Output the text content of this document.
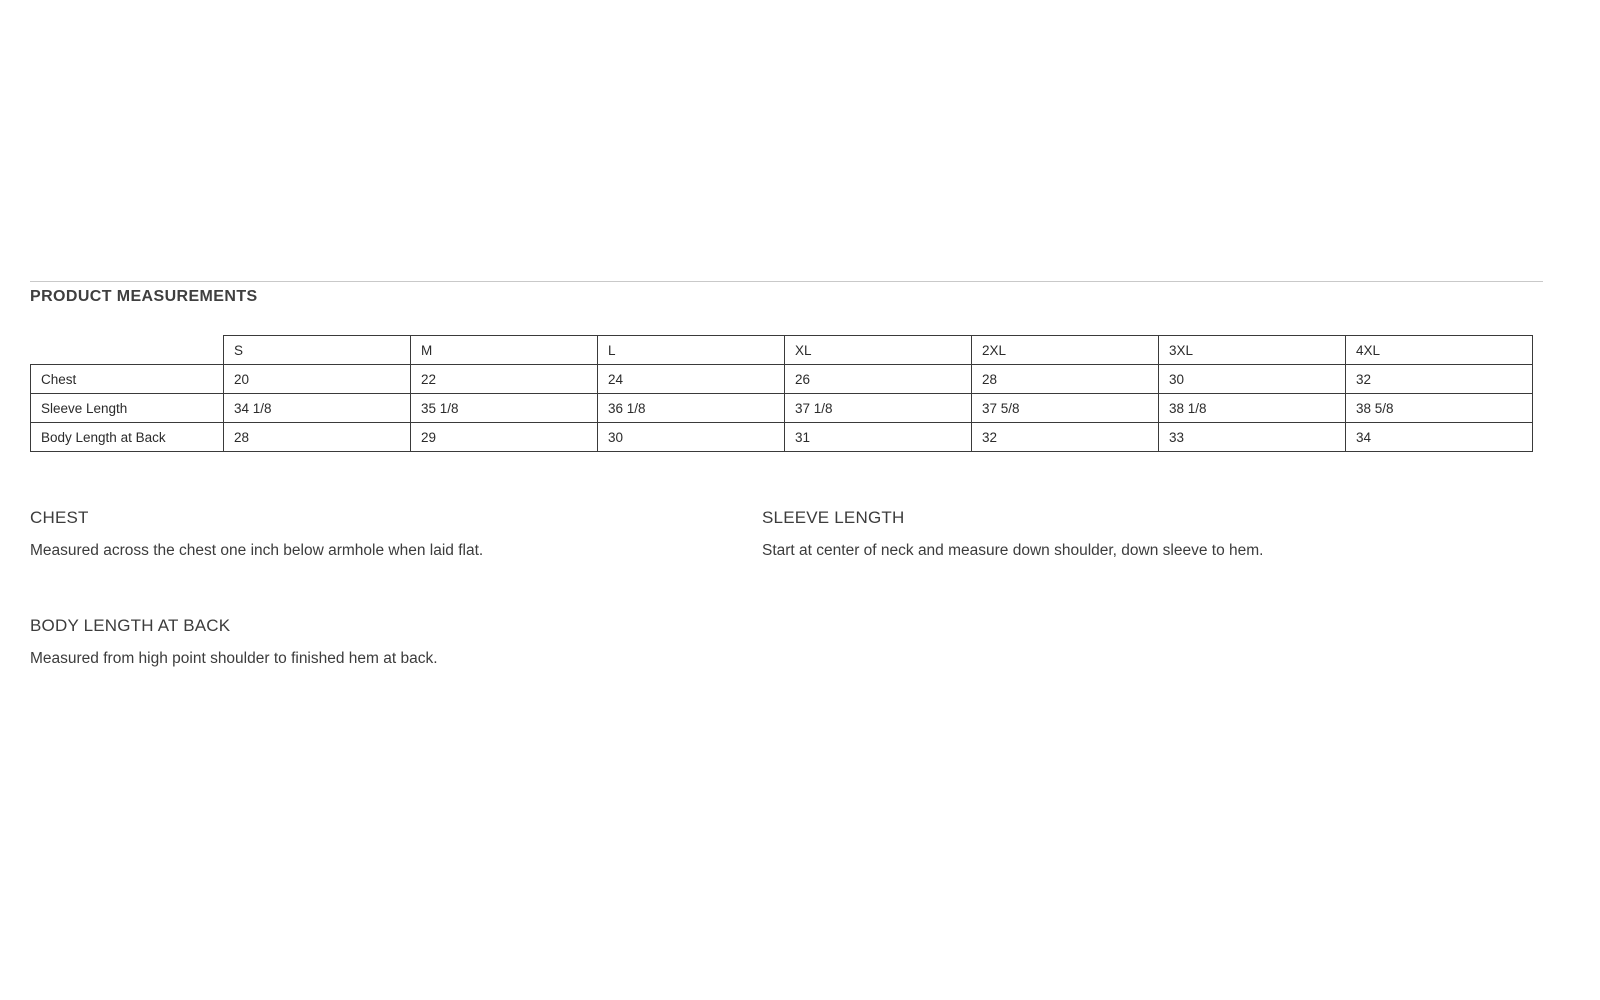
PRODUCT MEASUREMENTS
	S	M	L	XL	2XL	3XL	4XL
Chest	20	22	24	26	28	30	32
Sleeve Length	34 1/8	35 1/8	36 1/8	37 1/8	37 5/8	38 1/8	38 5/8
Body Length at Back	28	29	30	31	32	33	34
CHEST
Measured across the chest one inch below armhole when laid flat.
SLEEVE LENGTH
Start at center of neck and measure down shoulder, down sleeve to hem.
BODY LENGTH AT BACK
Measured from high point shoulder to finished hem at back.
